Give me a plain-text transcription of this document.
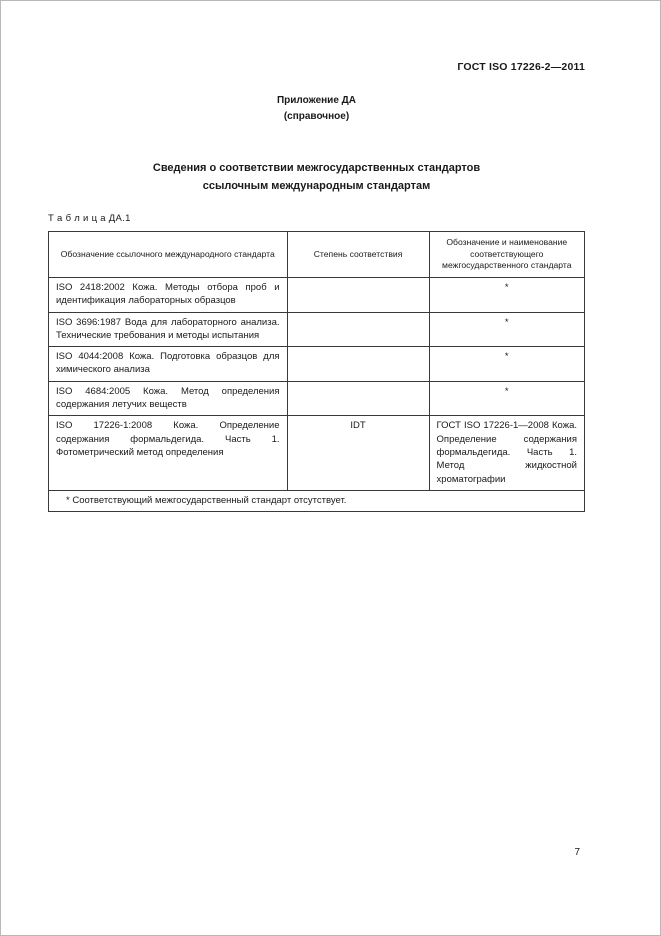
ГОСТ ISO 17226-2—2011
Приложение ДА
(справочное)
Сведения о соответствии межгосударственных стандартов
ссылочным международным стандартам
Т а б л и ц а ДА.1
Обозначение ссылочного международного стандарта	Степень соответствия	Обозначение и наименование соответствующего межгосударственного стандарта
ISO 2418:2002 Кожа. Методы отбора проб и идентификация лабораторных образцов		*
ISO 3696:1987 Вода для лабораторного анализа. Технические требования и методы испытания		*
ISO 4044:2008 Кожа. Подготовка образцов для химического анализа		*
ISO 4684:2005 Кожа. Метод определения содержания летучих веществ		*
ISO 17226-1:2008 Кожа. Определение содержания формальдегида. Часть 1. Фотометрический метод определения	IDT	ГОСТ ISO 17226-1—2008 Кожа. Определение содержания формальдегида. Часть 1. Метод жидкостной хроматографии
* Соответствующий межгосударственный стандарт отсутствует.		
7
